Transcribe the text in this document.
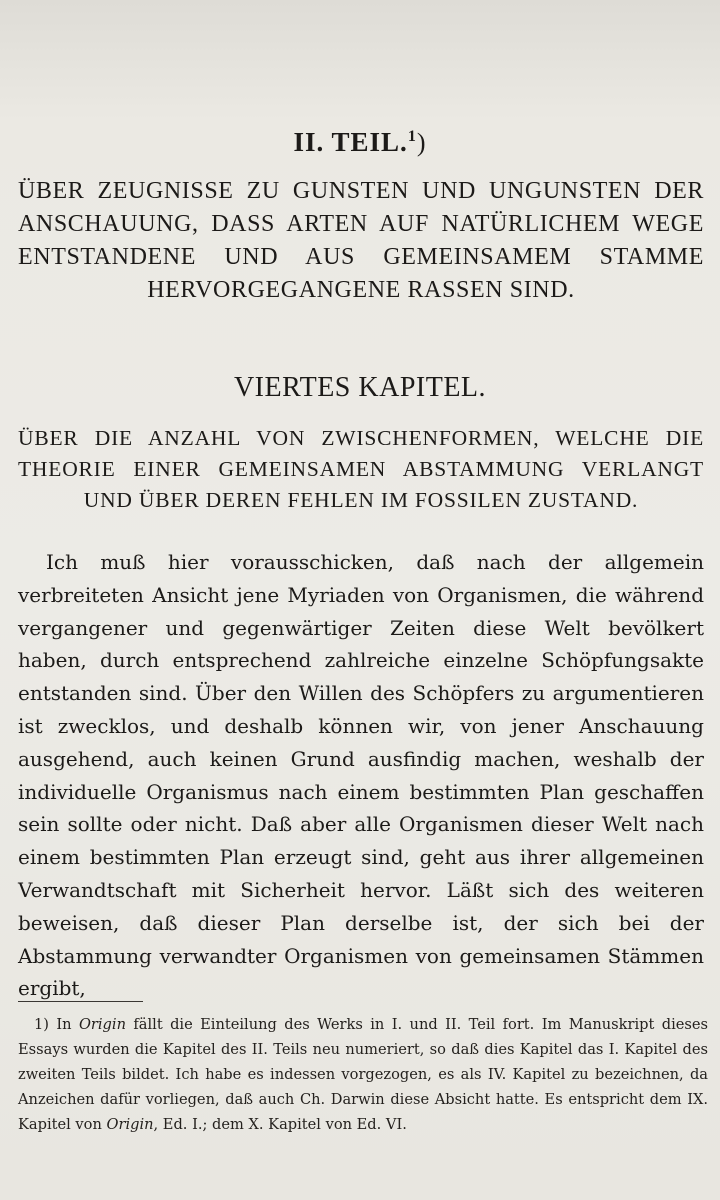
II. TEIL.$^1$)
ÜBER ZEUGNISSE ZU GUNSTEN UND UNGUNSTEN DER ANSCHAUUNG, DASS ARTEN AUF NATÜRLICHEM WEGE ENTSTANDENE UND AUS GEMEINSAMEM STAMME HERVORGEGANGENE RASSEN SIND.
VIERTES KAPITEL.
ÜBER DIE ANZAHL VON ZWISCHENFORMEN, WELCHE DIE THEORIE EINER GEMEINSAMEN ABSTAMMUNG VERLANGT UND ÜBER DEREN FEHLEN IM FOSSILEN ZUSTAND.

Ich muß hier vorausschicken, daß nach der allgemein verbreiteten Ansicht jene Myriaden von Organismen, die während vergangener und gegenwärtiger Zeiten diese Welt bevölkert haben, durch entsprechend zahlreiche einzelne Schöpfungsakte entstanden sind. Über den Willen des Schöpfers zu argumentieren ist zwecklos, und deshalb können wir, von jener Anschauung ausgehend, auch keinen Grund ausfindig machen, weshalb der individuelle Organismus nach einem bestimmten Plan geschaffen sein sollte oder nicht. Daß aber alle Organismen dieser Welt nach einem bestimmten Plan erzeugt sind, geht aus ihrer allgemeinen Verwandtschaft mit Sicherheit hervor. Läßt sich des weiteren beweisen, daß dieser Plan derselbe ist, der sich bei der Abstammung verwandter Organismen von gemeinsamen Stämmen ergibt,

1) In Origin fällt die Einteilung des Werks in I. und II. Teil fort. Im Manuskript dieses Essays wurden die Kapitel des II. Teils neu numeriert, so daß dies Kapitel das I. Kapitel des zweiten Teils bildet. Ich habe es indessen vorgezogen, es als IV. Kapitel zu bezeichnen, da Anzeichen dafür vorliegen, daß auch Ch. Darwin diese Absicht hatte. Es entspricht dem IX. Kapitel von Origin, Ed. I.; dem X. Kapitel von Ed. VI.
